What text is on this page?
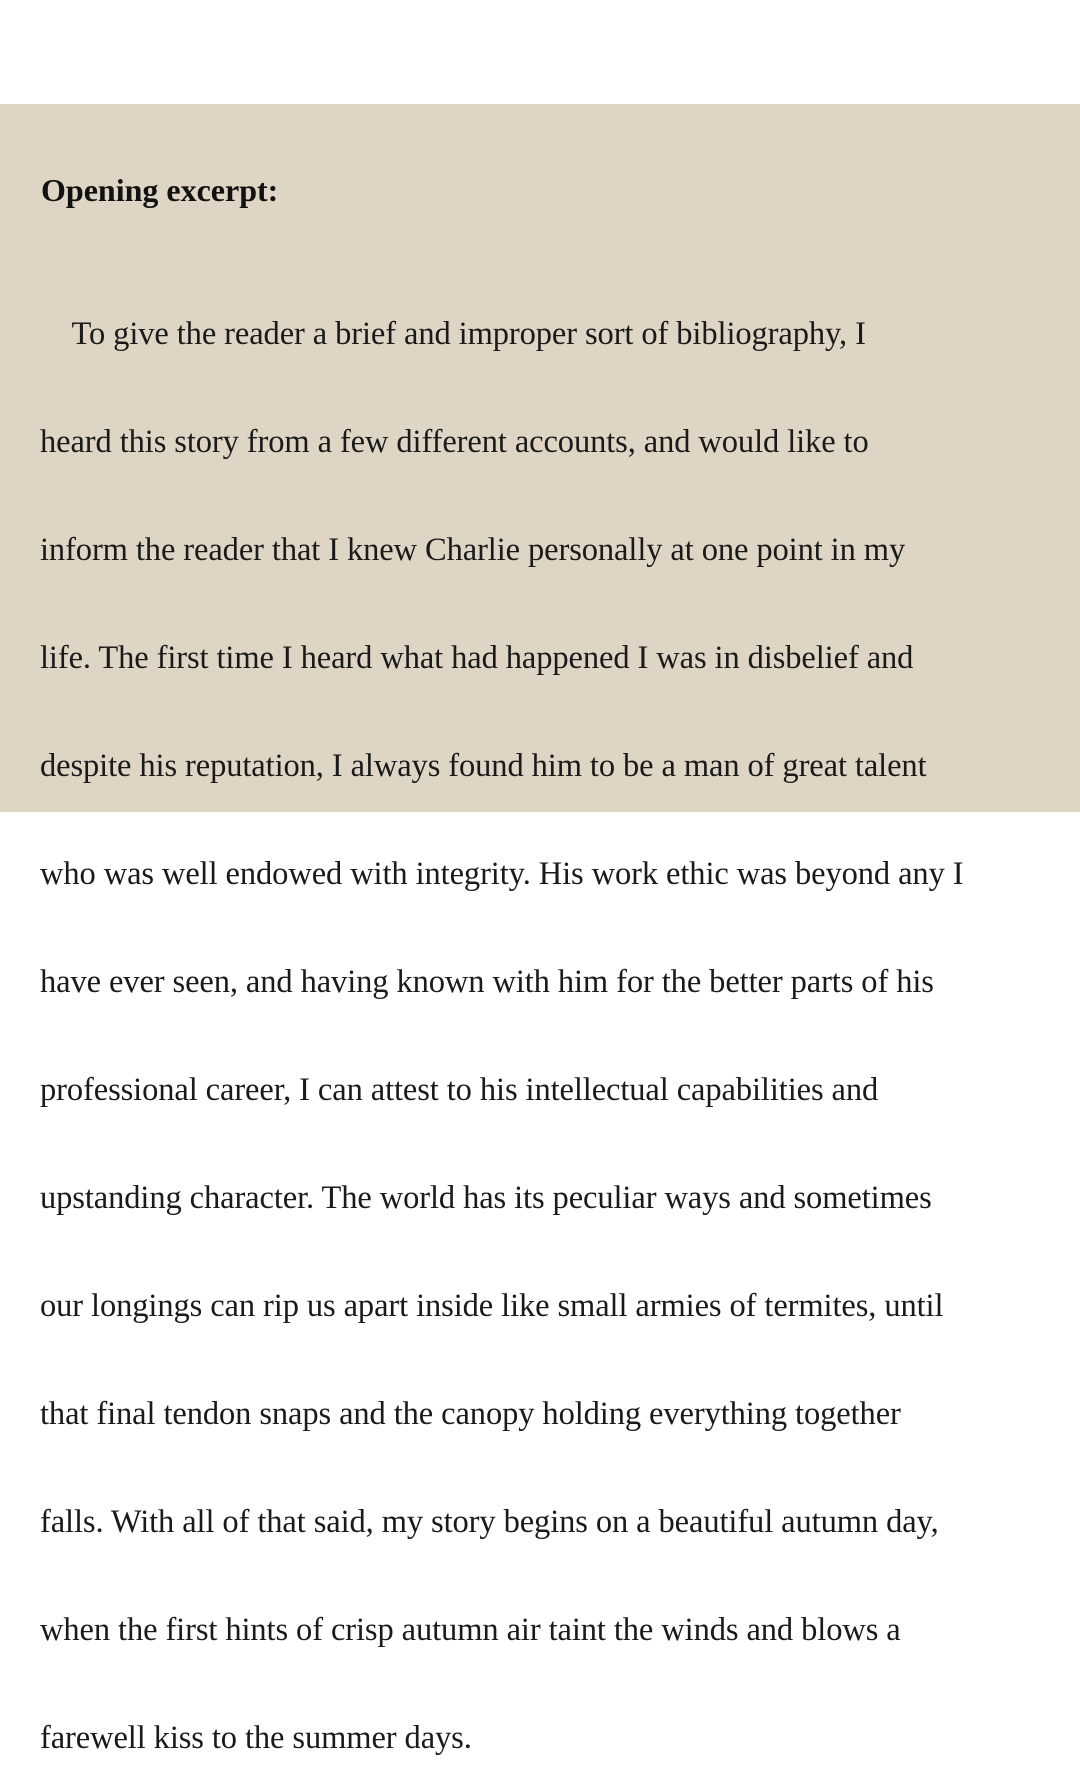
Opening excerpt:

To give the reader a brief and improper sort of bibliography, I

heard this story from a few different accounts, and would like to

inform the reader that I knew Charlie personally at one point in my

life. The first time I heard what had happened I was in disbelief and

despite his reputation, I always found him to be a man of great talent

who was well endowed with integrity. His work ethic was beyond any I

have ever seen, and having known with him for the better parts of his

professional career, I can attest to his intellectual capabilities and

upstanding character. The world has its peculiar ways and sometimes

our longings can rip us apart inside like small armies of termites, until

that final tendon snaps and the canopy holding everything together

falls. With all of that said, my story begins on a beautiful autumn day,

when the first hints of crisp autumn air taint the winds and blows a

farewell kiss to the summer days.
